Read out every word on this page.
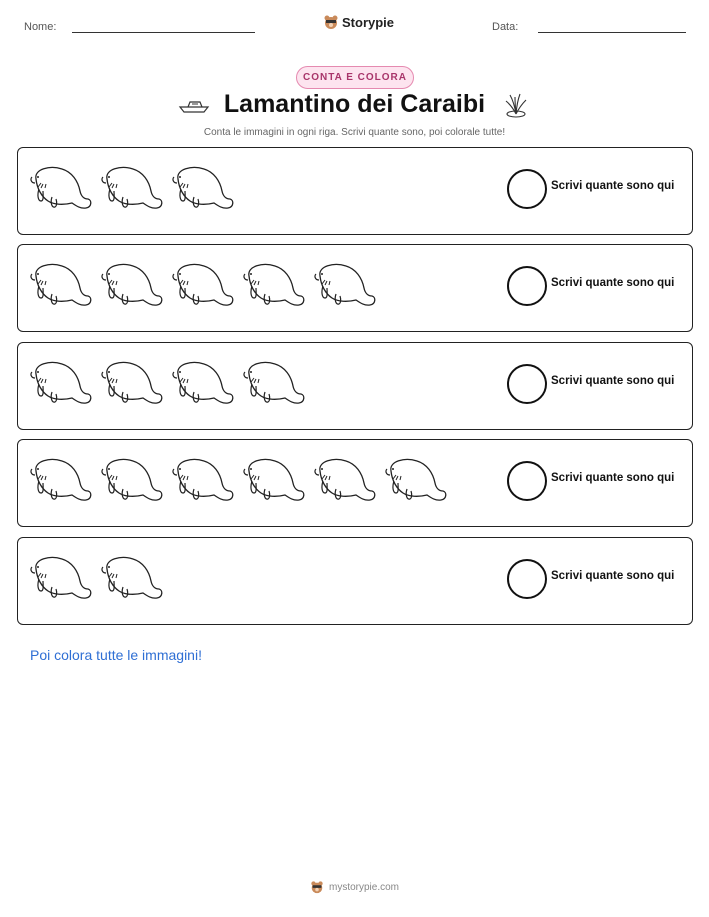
Nome:	Storypie	Data:
CONTA E COLORA
Lamantino dei Caraibi
Conta le immagini in ogni riga. Scrivi quante sono, poi colorale tutte!
Scrivi quante sono qui
Scrivi quante sono qui
Scrivi quante sono qui
Scrivi quante sono qui
Scrivi quante sono qui
Poi colora tutte le immagini!
mystorypie.com
